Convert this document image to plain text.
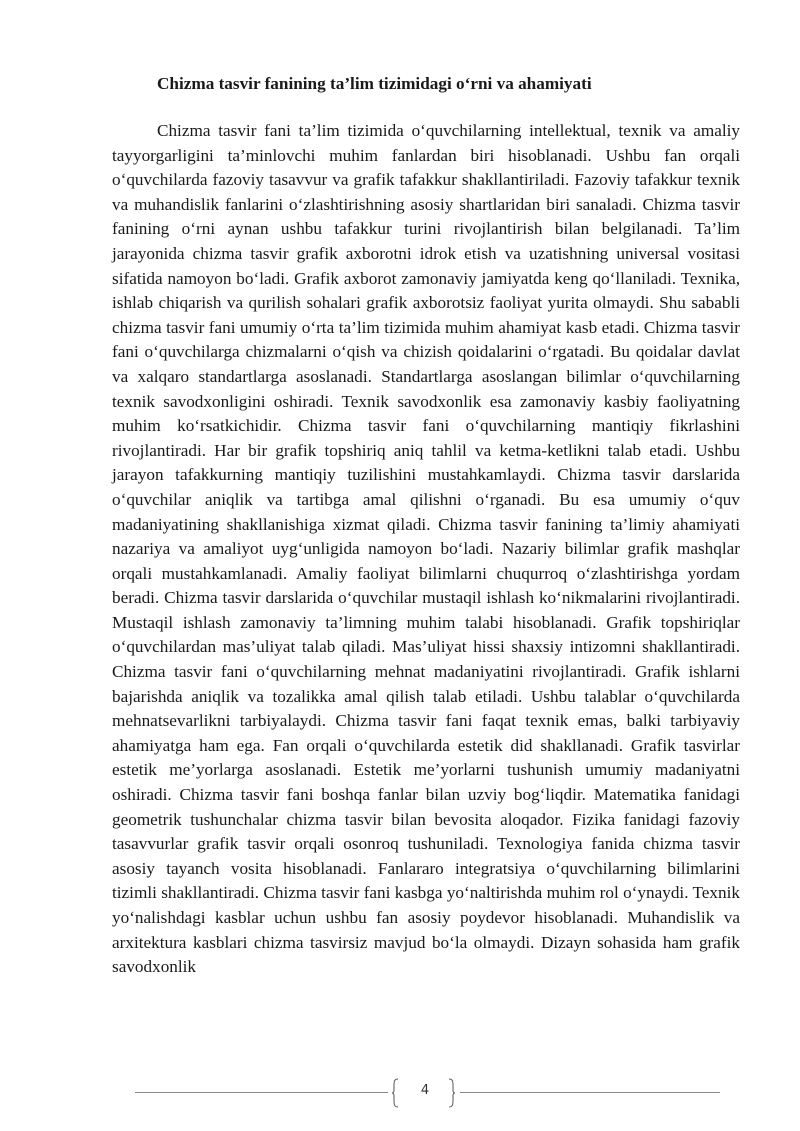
Chizma tasvir fanining ta’lim tizimidagi o‘rni va ahamiyati

Chizma tasvir fani ta’lim tizimida o‘quvchilarning intellektual, texnik va amaliy tayyorgarligini ta’minlovchi muhim fanlardan biri hisoblanadi. Ushbu fan orqali o‘quvchilarda fazoviy tasavvur va grafik tafakkur shakllantiriladi. Fazoviy tafakkur texnik va muhandislik fanlarini o‘zlashtirishning asosiy shartlaridan biri sanaladi. Chizma tasvir fanining o‘rni aynan ushbu tafakkur turini rivojlantirish bilan belgilanadi. Ta’lim jarayonida chizma tasvir grafik axborotni idrok etish va uzatishning universal vositasi sifatida namoyon bo‘ladi. Grafik axborot zamonaviy jamiyatda keng qo‘llaniladi. Texnika, ishlab chiqarish va qurilish sohalari grafik axborotsiz faoliyat yurita olmaydi. Shu sababli chizma tasvir fani umumiy o‘rta ta’lim tizimida muhim ahamiyat kasb etadi. Chizma tasvir fani o‘quvchilarga chizmalarni o‘qish va chizish qoidalarini o‘rgatadi. Bu qoidalar davlat va xalqaro standartlarga asoslanadi. Standartlarga asoslangan bilimlar o‘quvchilarning texnik savodxonligini oshiradi. Texnik savodxonlik esa zamonaviy kasbiy faoliyatning muhim ko‘rsatkichidir. Chizma tasvir fani o‘quvchilarning mantiqiy fikrlashini rivojlantiradi. Har bir grafik topshiriq aniq tahlil va ketma-ketlikni talab etadi. Ushbu jarayon tafakkurning mantiqiy tuzilishini mustahkamlaydi. Chizma tasvir darslarida o‘quvchilar aniqlik va tartibga amal qilishni o‘rganadi. Bu esa umumiy o‘quv madaniyatining shakllanishiga xizmat qiladi. Chizma tasvir fanining ta’limiy ahamiyati nazariya va amaliyot uyg‘unligida namoyon bo‘ladi. Nazariy bilimlar grafik mashqlar orqali mustahkamlanadi. Amaliy faoliyat bilimlarni chuqurroq o‘zlashtirishga yordam beradi. Chizma tasvir darslarida o‘quvchilar mustaqil ishlash ko‘nikmalarini rivojlantiradi. Mustaqil ishlash zamonaviy ta’limning muhim talabi hisoblanadi. Grafik topshiriqlar o‘quvchilardan mas’uliyat talab qiladi. Mas’uliyat hissi shaxsiy intizomni shakllantiradi. Chizma tasvir fani o‘quvchilarning mehnat madaniyatini rivojlantiradi. Grafik ishlarni bajarishda aniqlik va tozalikka amal qilish talab etiladi. Ushbu talablar o‘quvchilarda mehnatsevarlikni tarbiyalaydi. Chizma tasvir fani faqat texnik emas, balki tarbiyaviy ahamiyatga ham ega. Fan orqali o‘quvchilarda estetik did shakllanadi. Grafik tasvirlar estetik me’yorlarga asoslanadi. Estetik me’yorlarni tushunish umumiy madaniyatni oshiradi. Chizma tasvir fani boshqa fanlar bilan uzviy bog‘liqdir. Matematika fanidagi geometrik tushunchalar chizma tasvir bilan bevosita aloqador. Fizika fanidagi fazoviy tasavvurlar grafik tasvir orqali osonroq tushuniladi. Texnologiya fanida chizma tasvir asosiy tayanch vosita hisoblanadi. Fanlararo integratsiya o‘quvchilarning bilimlarini tizimli shakllantiradi. Chizma tasvir fani kasbga yo‘naltirishda muhim rol o‘ynaydi. Texnik yo‘nalishdagi kasblar uchun ushbu fan asosiy poydevor hisoblanadi. Muhandislik va arxitektura kasblari chizma tasvirsiz mavjud bo‘la olmaydi. Dizayn sohasida ham grafik savodxonlik

4
